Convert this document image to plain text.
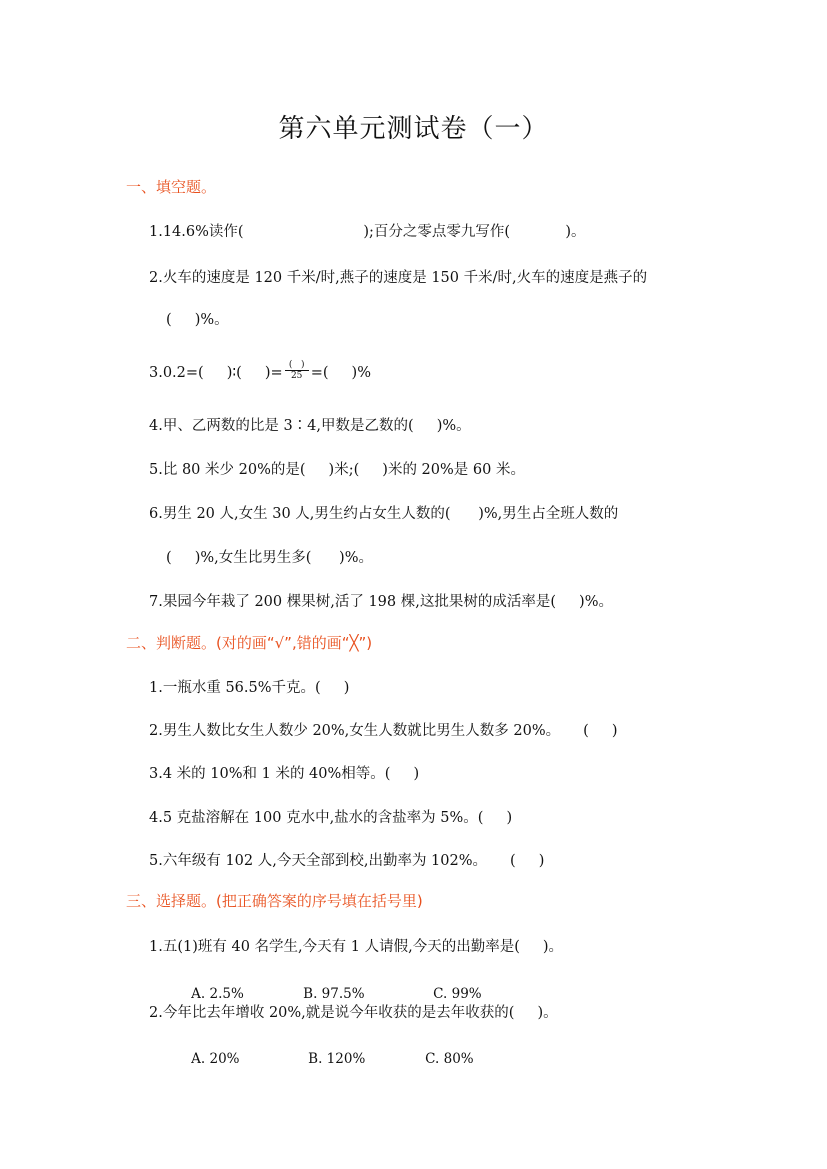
第六单元测试卷（一）
一、填空题。
1.14.6%读作(                          );百分之零点零九写作(            )。
2.火车的速度是 120 千米/时,燕子的速度是 150 千米/时,火车的速度是燕子的
(     )%。
3.0.2=(     )∶(     )= $\frac{( )}{25}$ =(     )%
4.甲、乙两数的比是 3∶4,甲数是乙数的(     )%。
5.比 80 米少 20%的是(     )米;(     )米的 20%是 60 米。
6.男生 20 人,女生 30 人,男生约占女生人数的(      )%,男生占全班人数的
(     )%,女生比男生多(      )%。
7.果园今年栽了 200 棵果树,活了 198 棵,这批果树的成活率是(     )%。
二、判断题。(对的画“√”,错的画“╳”)
1.一瓶水重 56.5%千克。(     )
2.男生人数比女生人数少 20%,女生人数就比男生人数多 20%。     (     )
3.4 米的 10%和 1 米的 40%相等。(     )
4.5 克盐溶解在 100 克水中,盐水的含盐率为 5%。(     )
5.六年级有 102 人,今天全部到校,出勤率为 102%。     (     )
三、选择题。(把正确答案的序号填在括号里)
1.五(1)班有 40 名学生,今天有 1 人请假,今天的出勤率是(     )。

A. 2.5%	B. 97.5%	C. 99%

2.今年比去年增收 20%,就是说今年收获的是去年收获的(     )。

A. 20%	B. 120%	C. 80%
